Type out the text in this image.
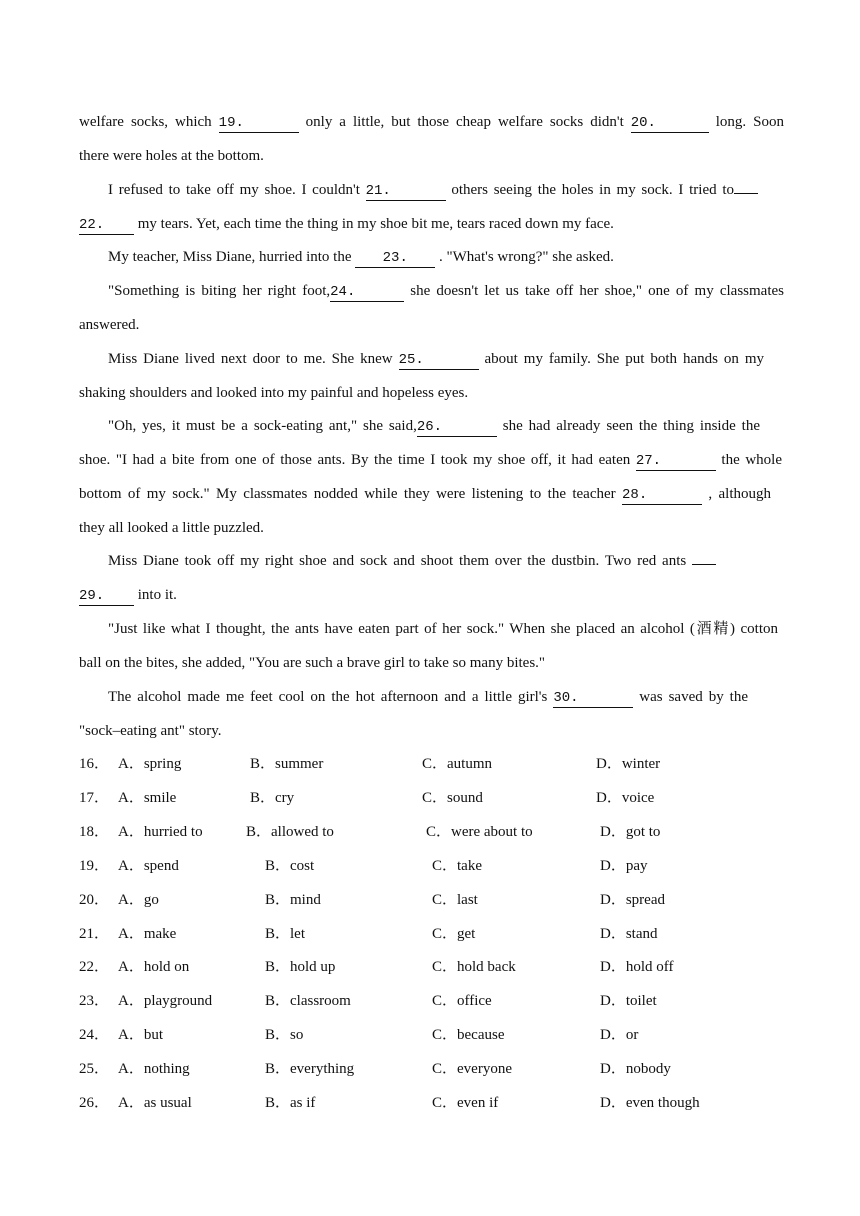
welfare socks, which 19.	only a little, but those cheap welfare socks didn't 20.	long. Soon
there were holes at the bottom.
I refused to take off my shoe. I couldn't 21.	others seeing the holes in my sock. I tried to
22. my tears. Yet, each time the thing in my shoe bit me, tears raced down my face.
My teacher, Miss Diane, hurried into the 23. . "What's wrong?" she asked.
"Something is biting her right foot,24.	she doesn't let us take off her shoe," one of my classmates
answered.
Miss Diane lived next door to me. She knew 25.	about my family. She put both hands on my
shaking shoulders and looked into my painful and hopeless eyes.
"Oh, yes, it must be a sock-eating ant," she said,26.	she had already seen the thing inside the
shoe. "I had a bite from one of those ants. By the time I took my shoe off, it had eaten 27.	the whole
bottom of my sock." My classmates nodded while they were listening to the teacher 28.	, although
they all looked a little puzzled.
Miss Diane took off my right shoe and sock and shoot them over the dustbin. Two red ants
29. into it.
"Just like what I thought, the ants have eaten part of her sock." When she placed an alcohol (酒精) cotton
ball on the bites, she added, "You are such a brave girl to take so many bites."
The alcohol made me feet cool on the hot afternoon and a little girl's 30.	was saved by the
"sock–eating ant" story.
16． A．spring	B．summer	C．autumn	D．winter
17． A．smile	B．cry	C．sound	D．voice
18． A．hurried to	B．allowed to	C．were about to	D．got to
19． A．spend	B．cost	C．take	D．pay
20． A．go	B．mind	C．last	D．spread
21． A．make	B．let	C．get	D．stand
22． A．hold on	B．hold up	C．hold back	D．hold off
23． A．playground	B．classroom	C．office	D．toilet
24． A．but	B．so	C．because	D．or
25． A．nothing	B．everything	C．everyone	D．nobody
26． A．as usual	B．as if	C．even if	D．even though
